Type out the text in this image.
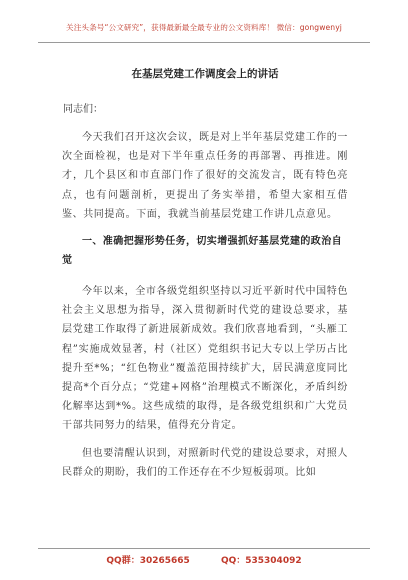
关注头条号“公文研究”，获得最新最全最专业的公文资料库！ 微信：gongwenyj
在基层党建工作调度会上的讲话
同志们：

今天我们召开这次会议，既是对上半年基层党建工作的一次全面检视，也是对下半年重点任务的再部署、再推进。刚才，几个县区和市直部门作了很好的交流发言，既有特色亮点，也有问题剖析，更提出了务实举措，希望大家相互借鉴、共同提高。下面，我就当前基层党建工作讲几点意见。

一、准确把握形势任务，切实增强抓好基层党建的政治自觉

今年以来，全市各级党组织坚持以习近平新时代中国特色社会主义思想为指导，深入贯彻新时代党的建设总要求，基层党建工作取得了新进展新成效。我们欣喜地看到，“头雁工程”实施成效显著，村（社区）党组织书记大专以上学历占比提升至*%；“红色物业”覆盖范围持续扩大，居民满意度同比提高*个百分点；“党建+网格”治理模式不断深化，矛盾纠纷化解率达到*%。这些成绩的取得，是各级党组织和广大党员干部共同努力的结果，值得充分肯定。

但也要清醒认识到，对照新时代党的建设总要求，对照人民群众的期盼，我们的工作还存在不少短板弱项。比如

QQ群：30265665	QQ：535304092
